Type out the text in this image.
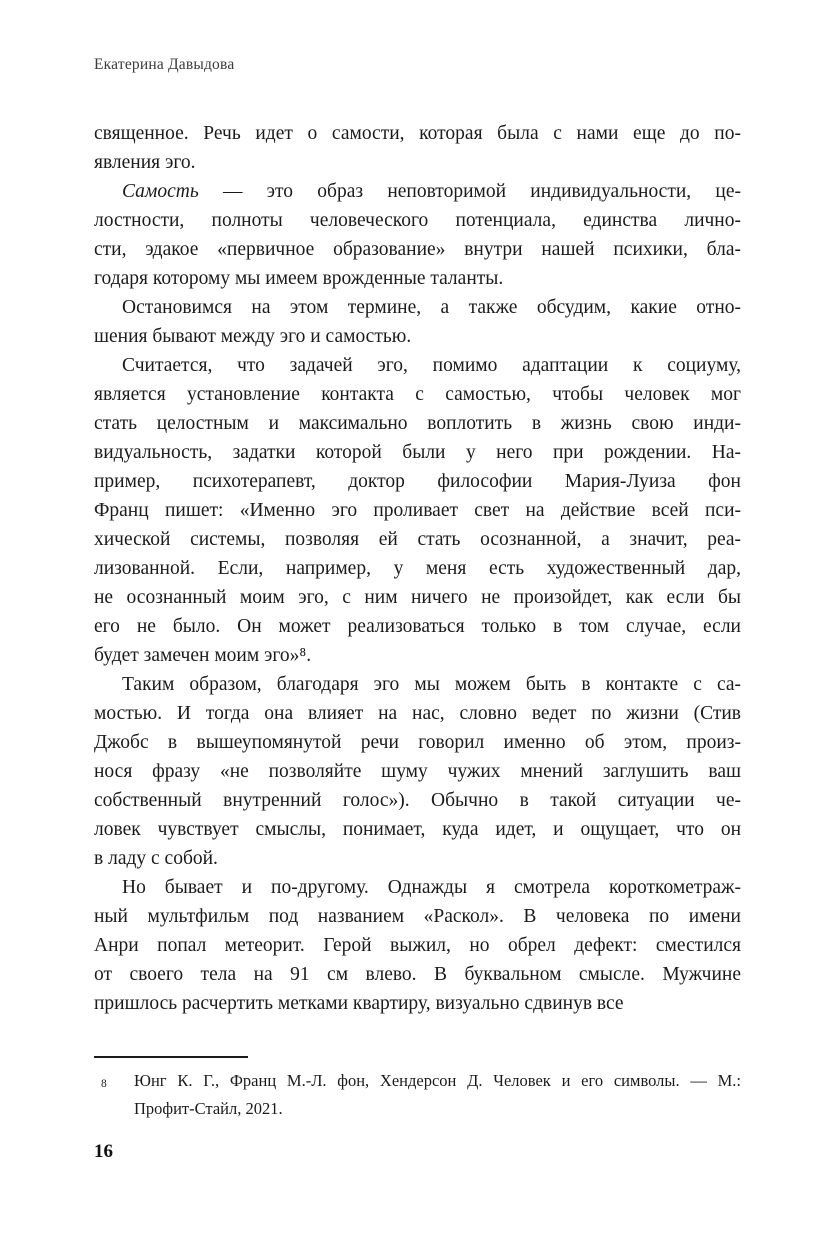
Екатерина Давыдова
священное. Речь идет о самости, которая была с нами еще до по-
явления эго.
Самость — это образ неповторимой индивидуальности, це-
лостности, полноты человеческого потенциала, единства лично-
сти, эдакое «первичное образование» внутри нашей психики, бла-
годаря которому мы имеем врожденные таланты.
Остановимся на этом термине, а также обсудим, какие отно-
шения бывают между эго и самостью.
Считается, что задачей эго, помимо адаптации к социуму,
является установление контакта с самостью, чтобы человек мог
стать целостным и максимально воплотить в жизнь свою инди-
видуальность, задатки которой были у него при рождении. На-
пример, психотерапевт, доктор философии Мария-Луиза фон
Франц пишет: «Именно эго проливает свет на действие всей пси-
хической системы, позволяя ей стать осознанной, а значит, реа-
лизованной. Если, например, у меня есть художественный дар,
не осознанный моим эго, с ним ничего не произойдет, как если бы
его не было. Он может реализоваться только в том случае, если
будет замечен моим эго»⁸.
Таким образом, благодаря эго мы можем быть в контакте с са-
мостью. И тогда она влияет на нас, словно ведет по жизни (Стив
Джобс в вышеупомянутой речи говорил именно об этом, произ-
нося фразу «не позволяйте шуму чужих мнений заглушить ваш
собственный внутренний голос»). Обычно в такой ситуации че-
ловек чувствует смыслы, понимает, куда идет, и ощущает, что он
в ладу с собой.
Но бывает и по-другому. Однажды я смотрела короткометраж-
ный мультфильм под названием «Раскол». В человека по имени
Анри попал метеорит. Герой выжил, но обрел дефект: сместился
от своего тела на 91 см влево. В буквальном смысле. Мужчине
пришлось расчертить метками квартиру, визуально сдвинув все
8	Юнг К. Г., Франц М.-Л. фон, Хендерсон Д. Человек и его символы. — М.:
Профит-Стайл, 2021.
16
